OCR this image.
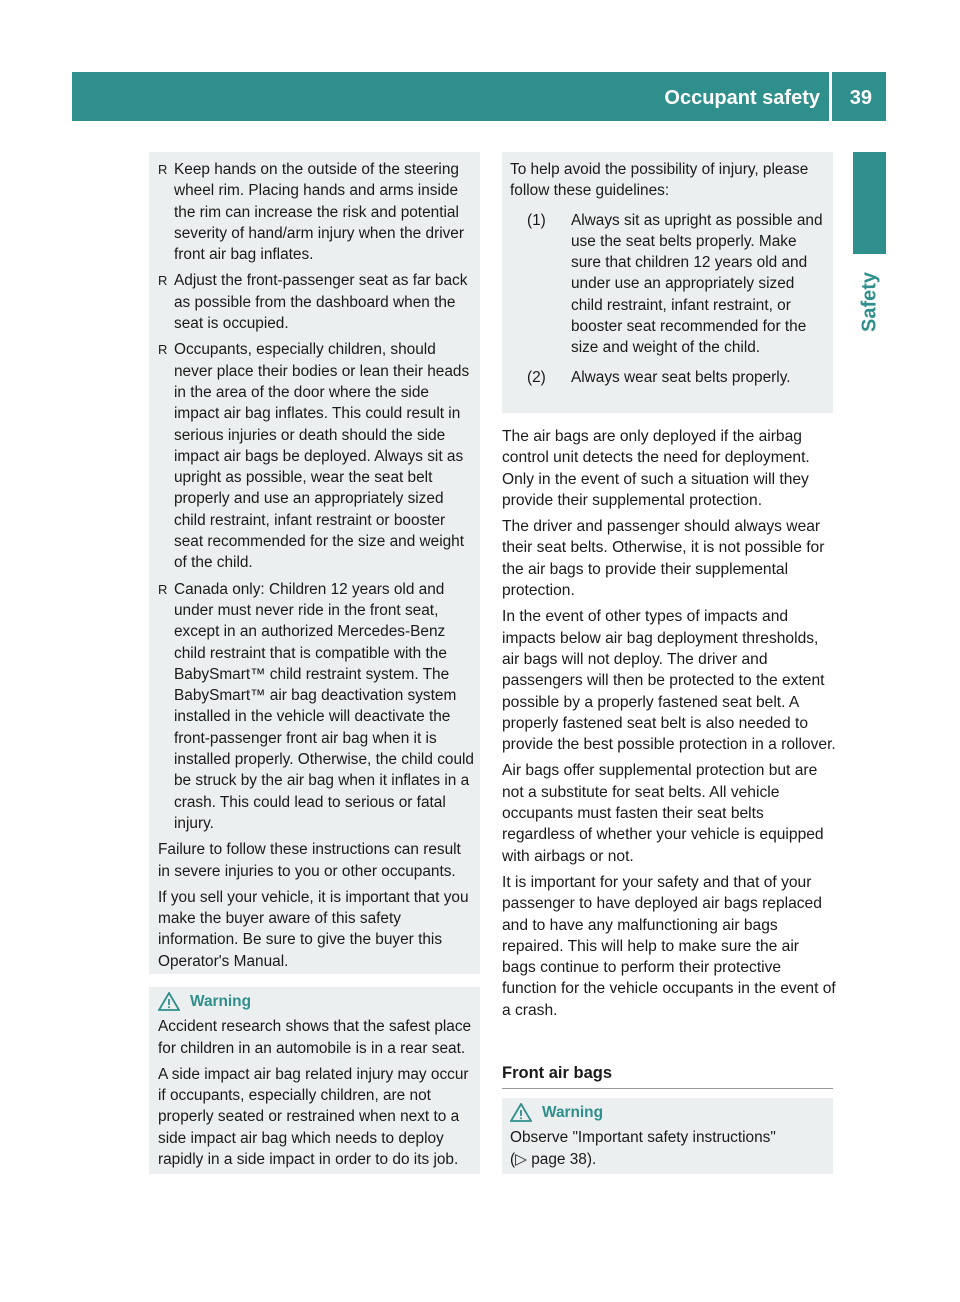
Occupant safety 39
Safety
R Keep hands on the outside of the steering wheel rim. Placing hands and arms inside the rim can increase the risk and potential severity of hand/arm injury when the driver front air bag inflates.
R Adjust the front-passenger seat as far back as possible from the dashboard when the seat is occupied.
R Occupants, especially children, should never place their bodies or lean their heads in the area of the door where the side impact air bag inflates. This could result in serious injuries or death should the side impact air bags be deployed. Always sit as upright as possible, wear the seat belt properly and use an appropriately sized child restraint, infant restraint or booster seat recommended for the size and weight of the child.
R Canada only: Children 12 years old and under must never ride in the front seat, except in an authorized Mercedes-Benz child restraint that is compatible with the BabySmart™ child restraint system. The BabySmart™ air bag deactivation system installed in the vehicle will deactivate the front-passenger front air bag when it is installed properly. Otherwise, the child could be struck by the air bag when it inflates in a crash. This could lead to serious or fatal injury.

Failure to follow these instructions can result in severe injuries to you or other occupants.

If you sell your vehicle, it is important that you make the buyer aware of this safety information. Be sure to give the buyer this Operator's Manual.

Warning

Accident research shows that the safest place for children in an automobile is in a rear seat.

A side impact air bag related injury may occur if occupants, especially children, are not properly seated or restrained when next to a side impact air bag which needs to deploy rapidly in a side impact in order to do its job.

To help avoid the possibility of injury, please follow these guidelines:

(1)	Always sit as upright as possible and use the seat belts properly. Make sure that children 12 years old and under use an appropriately sized child restraint, infant restraint, or booster seat recommended for the size and weight of the child.
(2)	Always wear seat belts properly.

The air bags are only deployed if the airbag control unit detects the need for deployment. Only in the event of such a situation will they provide their supplemental protection.

The driver and passenger should always wear their seat belts. Otherwise, it is not possible for the air bags to provide their supplemental protection.

In the event of other types of impacts and impacts below air bag deployment thresholds, air bags will not deploy. The driver and passengers will then be protected to the extent possible by a properly fastened seat belt. A properly fastened seat belt is also needed to provide the best possible protection in a rollover.

Air bags offer supplemental protection but are not a substitute for seat belts. All vehicle occupants must fasten their seat belts regardless of whether your vehicle is equipped with airbags or not.

It is important for your safety and that of your passenger to have deployed air bags replaced and to have any malfunctioning air bags repaired. This will help to make sure the air bags continue to perform their protective function for the vehicle occupants in the event of a crash.

Front air bags
Warning
Observe "Important safety instructions"
(▷ page 38).
